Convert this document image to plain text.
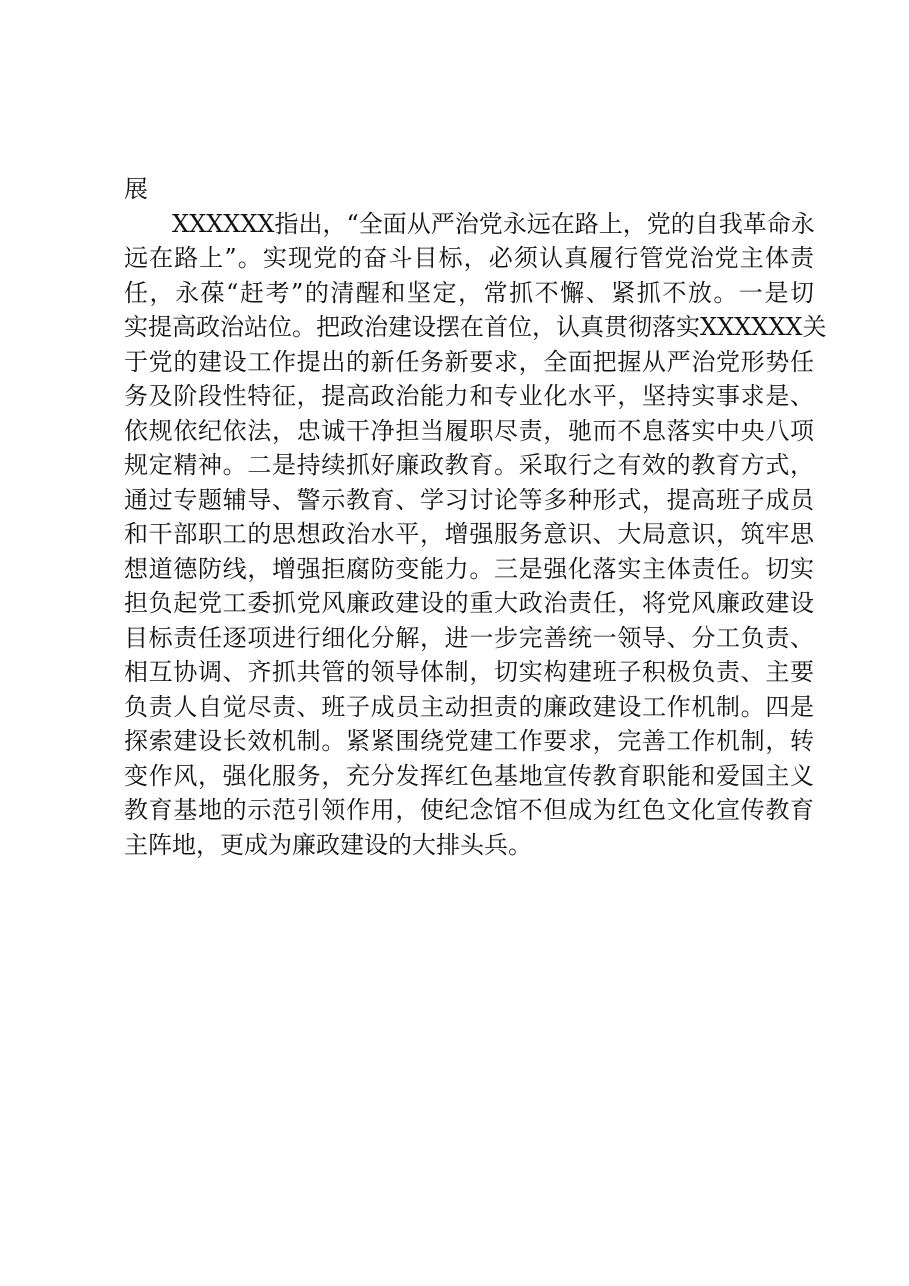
展
XXXXXX指出，“全面从严治党永远在路上，党的自我革命永
远在路上”。实现党的奋斗目标，必须认真履行管党治党主体责
任，永葆“赶考”的清醒和坚定，常抓不懈、紧抓不放。一是切
实提高政治站位。把政治建设摆在首位，认真贯彻落实XXXXXX关
于党的建设工作提出的新任务新要求，全面把握从严治党形势任
务及阶段性特征，提高政治能力和专业化水平，坚持实事求是、
依规依纪依法，忠诚干净担当履职尽责，驰而不息落实中央八项
规定精神。二是持续抓好廉政教育。采取行之有效的教育方式，
通过专题辅导、警示教育、学习讨论等多种形式，提高班子成员
和干部职工的思想政治水平，增强服务意识、大局意识，筑牢思
想道德防线，增强拒腐防变能力。三是强化落实主体责任。切实
担负起党工委抓党风廉政建设的重大政治责任，将党风廉政建设
目标责任逐项进行细化分解，进一步完善统一领导、分工负责、
相互协调、齐抓共管的领导体制，切实构建班子积极负责、主要
负责人自觉尽责、班子成员主动担责的廉政建设工作机制。四是
探索建设长效机制。紧紧围绕党建工作要求，完善工作机制，转
变作风，强化服务，充分发挥红色基地宣传教育职能和爱国主义
教育基地的示范引领作用，使纪念馆不但成为红色文化宣传教育
主阵地，更成为廉政建设的大排头兵。
